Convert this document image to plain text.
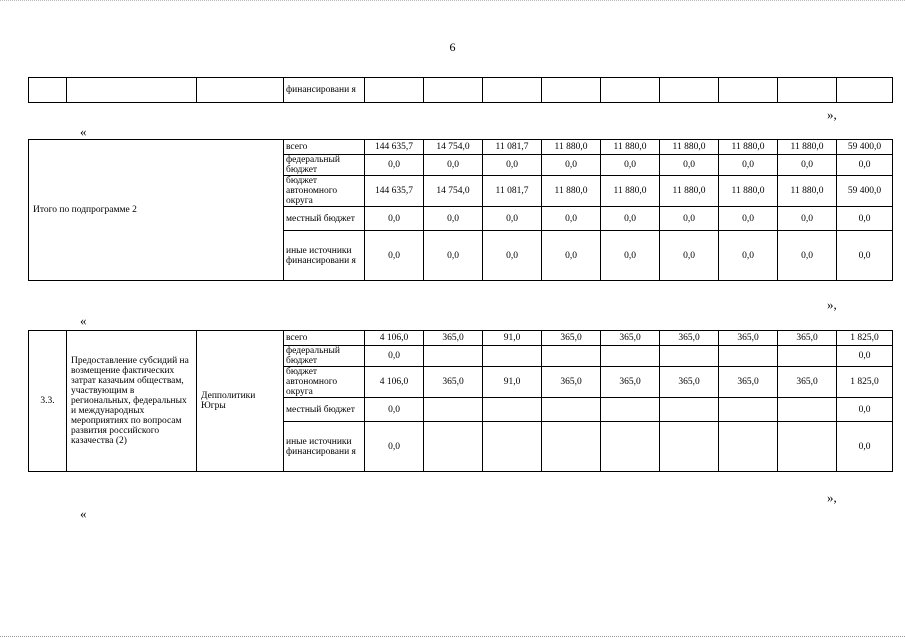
6
			финансировани я									
»,
«
Итого по подпрограмме 2	всего	144 635,7	14 754,0	11 081,7	11 880,0	11 880,0	11 880,0	11 880,0	11 880,0	59 400,0
	федеральный бюджет	0,0	0,0	0,0	0,0	0,0	0,0	0,0	0,0	0,0
	бюджет автономного округа	144 635,7	14 754,0	11 081,7	11 880,0	11 880,0	11 880,0	11 880,0	11 880,0	59 400,0
	местный бюджет	0,0	0,0	0,0	0,0	0,0	0,0	0,0	0,0	0,0
	иные источники финансировани я	0,0	0,0	0,0	0,0	0,0	0,0	0,0	0,0	0,0
»,
«
3.3.	Предоставление субсидий на возмещение фактических затрат казачьим обществам, участвующим в региональных, федеральных и международных мероприятиях по вопросам развития российского казачества (2)	Депполитики Югры	всего	4 106,0	365,0	91,0	365,0	365,0	365,0	365,0	365,0	1 825,0
			федеральный бюджет	0,0								0,0
			бюджет автономного округа	4 106,0	365,0	91,0	365,0	365,0	365,0	365,0	365,0	1 825,0
			местный бюджет	0,0								0,0
			иные источники финансировани я	0,0								0,0
»,
«
